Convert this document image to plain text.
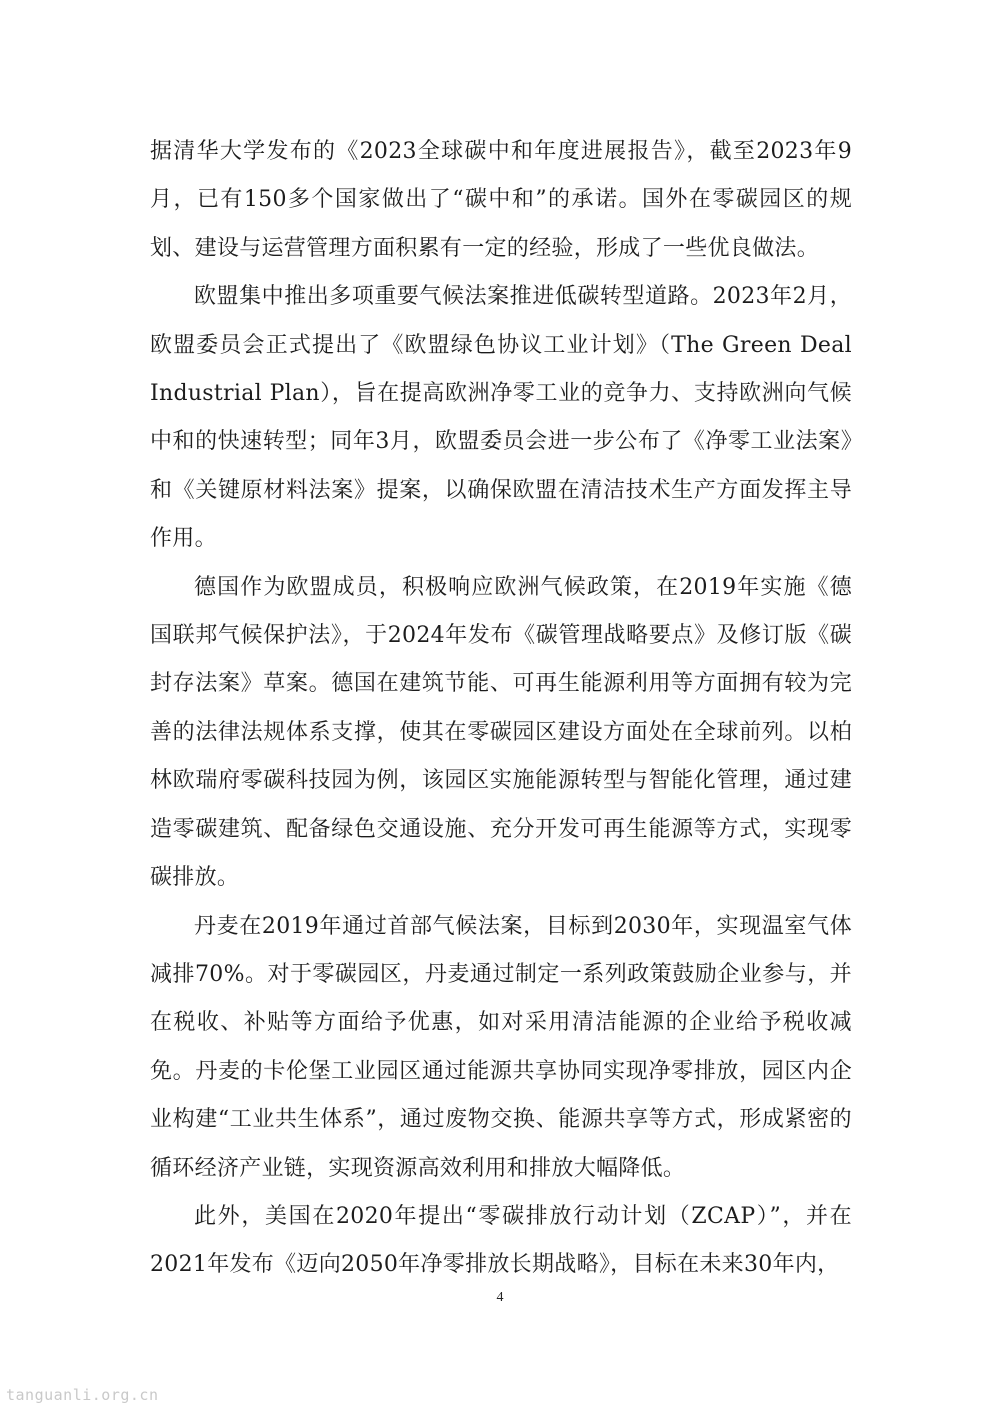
据清华大学发布的《2023全球碳中和年度进展报告》，截至2023年9月，已有150多个国家做出了“碳中和”的承诺。国外在零碳园区的规划、建设与运营管理方面积累有一定的经验，形成了一些优良做法。

欧盟集中推出多项重要气候法案推进低碳转型道路。2023年2月，欧盟委员会正式提出了《欧盟绿色协议工业计划》（The Green Deal Industrial Plan），旨在提高欧洲净零工业的竞争力、支持欧洲向气候中和的快速转型；同年3月，欧盟委员会进一步公布了《净零工业法案》和《关键原材料法案》提案，以确保欧盟在清洁技术生产方面发挥主导作用。

德国作为欧盟成员，积极响应欧洲气候政策，在2019年实施《德国联邦气候保护法》，于2024年发布《碳管理战略要点》及修订版《碳封存法案》草案。德国在建筑节能、可再生能源利用等方面拥有较为完善的法律法规体系支撑，使其在零碳园区建设方面处在全球前列。以柏林欧瑞府零碳科技园为例，该园区实施能源转型与智能化管理，通过建造零碳建筑、配备绿色交通设施、充分开发可再生能源等方式，实现零碳排放。

丹麦在2019年通过首部气候法案，目标到2030年，实现温室气体减排70%。对于零碳园区，丹麦通过制定一系列政策鼓励企业参与，并在税收、补贴等方面给予优惠，如对采用清洁能源的企业给予税收减免。丹麦的卡伦堡工业园区通过能源共享协同实现净零排放，园区内企业构建“工业共生体系”，通过废物交换、能源共享等方式，形成紧密的循环经济产业链，实现资源高效利用和排放大幅降低。

此外，美国在2020年提出“零碳排放行动计划（ZCAP）”，并在2021年发布《迈向2050年净零排放长期战略》，目标在未来30年内，

4
tanguanli.org.cn
